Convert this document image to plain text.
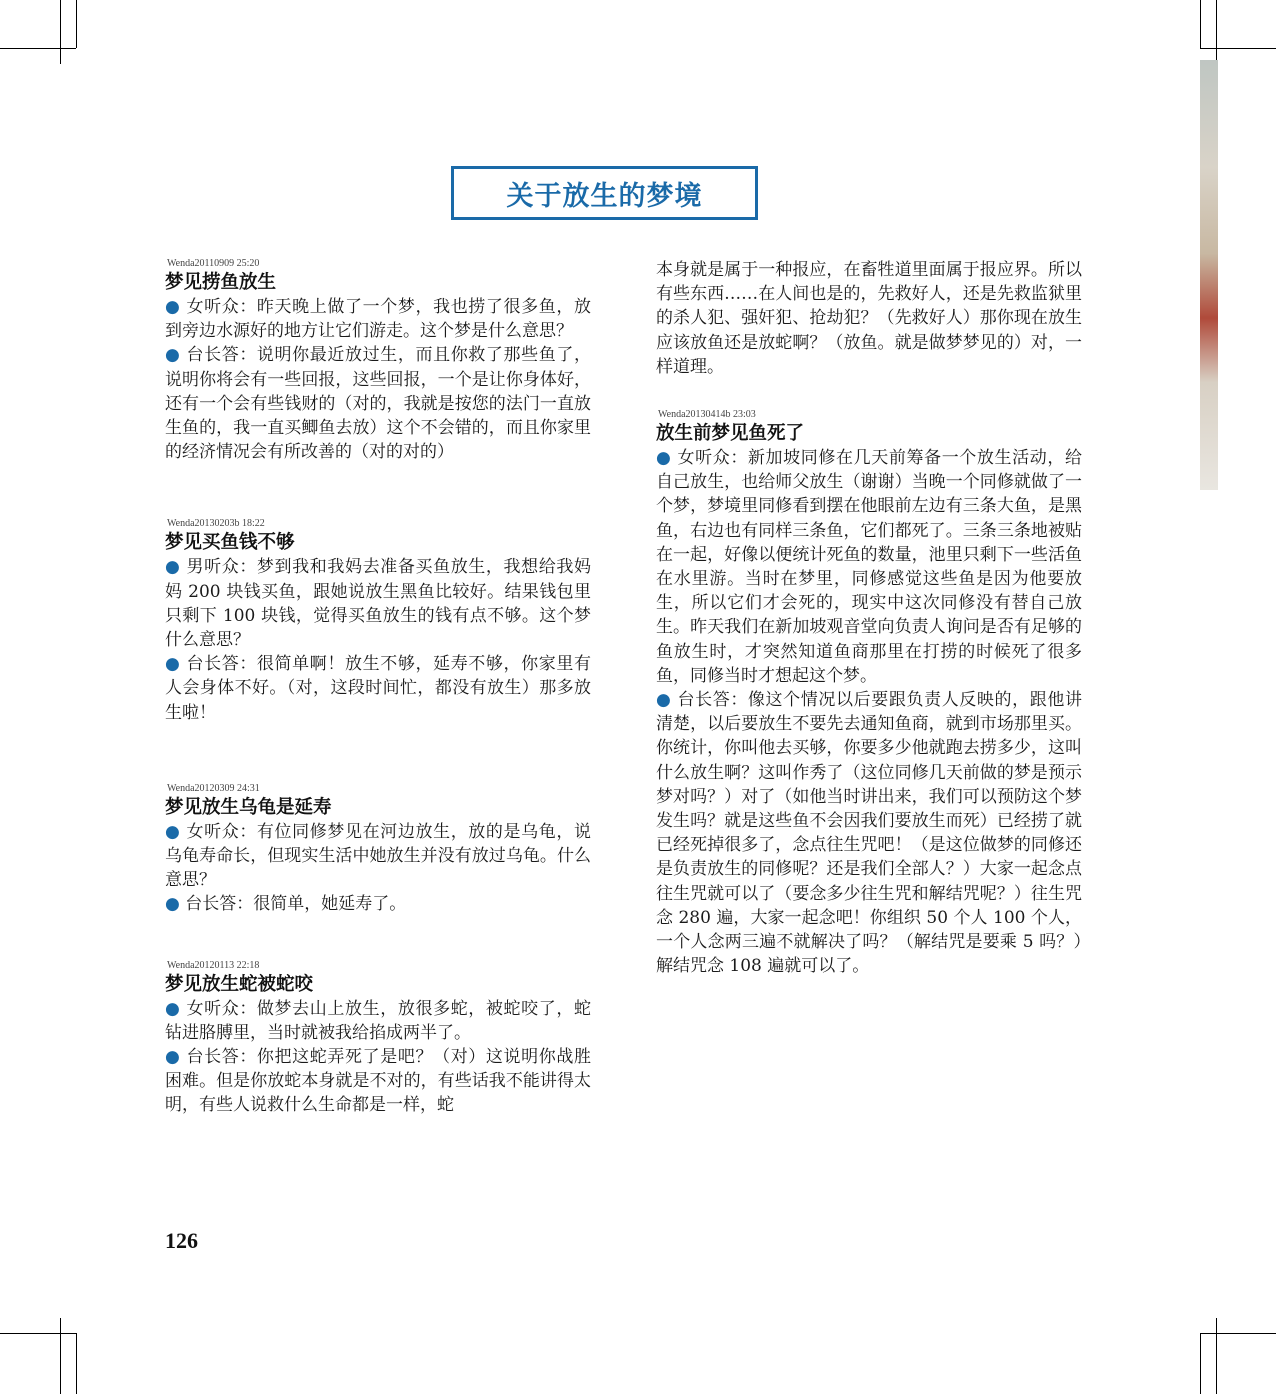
关于放生的梦境
Wenda20110909 25:20
梦见捞鱼放生

● 女听众：昨天晚上做了一个梦，我也捞了很多鱼，放到旁边水源好的地方让它们游走。这个梦是什么意思？

● 台长答：说明你最近放过生，而且你救了那些鱼了，说明你将会有一些回报，这些回报，一个是让你身体好，还有一个会有些钱财的（对的，我就是按您的法门一直放生鱼的，我一直买鲫鱼去放）这个不会错的，而且你家里的经济情况会有所改善的（对的对的）

Wenda20130203b 18:22
梦见买鱼钱不够

● 男听众：梦到我和我妈去准备买鱼放生，我想给我妈妈 200 块钱买鱼，跟她说放生黑鱼比较好。结果钱包里只剩下 100 块钱，觉得买鱼放生的钱有点不够。这个梦什么意思？

● 台长答：很简单啊！放生不够，延寿不够，你家里有人会身体不好。（对，这段时间忙，都没有放生）那多放生啦！

Wenda20120309 24:31
梦见放生乌龟是延寿

● 女听众：有位同修梦见在河边放生，放的是乌龟，说乌龟寿命长，但现实生活中她放生并没有放过乌龟。什么意思？

● 台长答：很简单，她延寿了。

Wenda20120113 22:18
梦见放生蛇被蛇咬

● 女听众：做梦去山上放生，放很多蛇，被蛇咬了，蛇钻进胳膊里，当时就被我给掐成两半了。

● 台长答：你把这蛇弄死了是吧？（对）这说明你战胜困难。但是你放蛇本身就是不对的，有些话我不能讲得太明，有些人说救什么生命都是一样，蛇

本身就是属于一种报应，在畜牲道里面属于报应界。所以有些东西……在人间也是的，先救好人，还是先救监狱里的杀人犯、强奸犯、抢劫犯？（先救好人）那你现在放生应该放鱼还是放蛇啊？（放鱼。就是做梦梦见的）对，一样道理。

Wenda20130414b 23:03
放生前梦见鱼死了

● 女听众：新加坡同修在几天前筹备一个放生活动，给自己放生，也给师父放生（谢谢）当晚一个同修就做了一个梦，梦境里同修看到摆在他眼前左边有三条大鱼，是黑鱼，右边也有同样三条鱼，它们都死了。三条三条地被贴在一起，好像以便统计死鱼的数量，池里只剩下一些活鱼在水里游。当时在梦里，同修感觉这些鱼是因为他要放生，所以它们才会死的，现实中这次同修没有替自己放生。昨天我们在新加坡观音堂向负责人询问是否有足够的鱼放生时，才突然知道鱼商那里在打捞的时候死了很多鱼，同修当时才想起这个梦。

● 台长答：像这个情况以后要跟负责人反映的，跟他讲清楚，以后要放生不要先去通知鱼商，就到市场那里买。你统计，你叫他去买够，你要多少他就跑去捞多少，这叫什么放生啊？这叫作秀了（这位同修几天前做的梦是预示梦对吗？）对了（如他当时讲出来，我们可以预防这个梦发生吗？就是这些鱼不会因我们要放生而死）已经捞了就已经死掉很多了，念点往生咒吧！（是这位做梦的同修还是负责放生的同修呢？还是我们全部人？）大家一起念点往生咒就可以了（要念多少往生咒和解结咒呢？）往生咒念 280 遍，大家一起念吧！你组织 50 个人 100 个人，一个人念两三遍不就解决了吗？（解结咒是要乘 5 吗？）解结咒念 108 遍就可以了。

126
